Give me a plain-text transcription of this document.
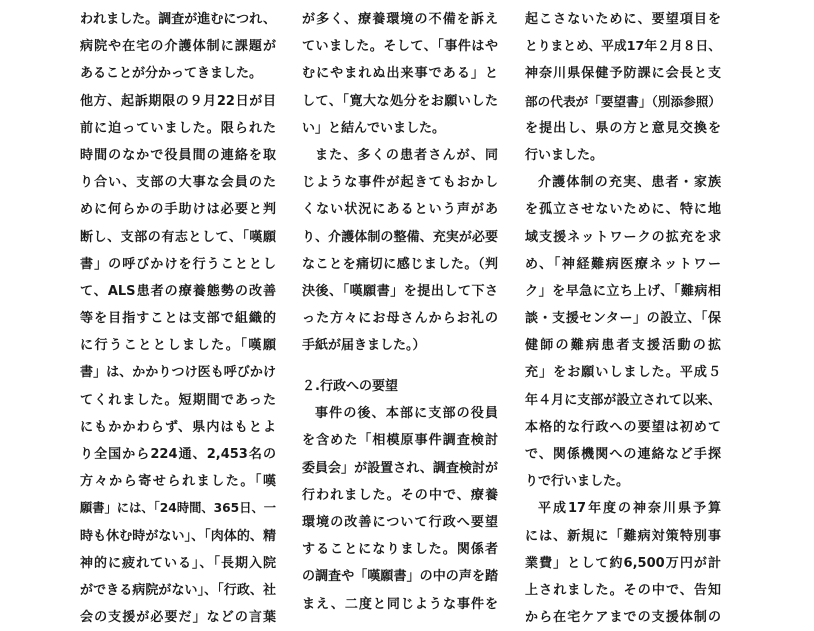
われました。調査が進むにつれ、
病院や在宅の介護体制に課題が
あることが分かってきました。
他方、起訴期限の９月22日が目
前に迫っていました。限られた
時間のなかで役員間の連絡を取
り合い、支部の大事な会員のた
めに何らかの手助けは必要と判
断し、支部の有志として、「嘆願
書」の呼びかけを行うこととし
て、ALS患者の療養態勢の改善
等を目指すことは支部で組織的
に行うこととしました。「嘆願
書」は、かかりつけ医も呼びかけ
てくれました。短期間であった
にもかかわらず、県内はもとよ
り全国から224通、2,453名の
方々から寄せられました。「嘆
願書」には、「24時間、365日、一
時も休む時がない」、「肉体的、精
神的に疲れている」、「長期入院
ができる病院がない」、「行政、社
会の支援が必要だ」などの言葉
が多く、療養環境の不備を訴え
ていました。そして、「事件はや
むにやまれぬ出来事である」と
して、「寛大な処分をお願いした
い」と結んでいました。
また、多くの患者さんが、同
じような事件が起きてもおかし
くない状況にあるという声があ
り、介護体制の整備、充実が必要
なことを痛切に感じました。（判
決後、「嘆願書」を提出して下さ
った方々にお母さんからお礼の
手紙が届きました。）
２.行政への要望
事件の後、本部に支部の役員
を含めた「相模原事件調査検討
委員会」が設置され、調査検討が
行われました。その中で、療養
環境の改善について行政へ要望
することになりました。関係者
の調査や「嘆願書」の中の声を踏
まえ、二度と同じような事件を
起こさないために、要望項目を
とりまとめ、平成17年２月８日、
神奈川県保健予防課に会長と支
部の代表が「要望書」（別添参照）
を提出し、県の方と意見交換を
行いました。
介護体制の充実、患者・家族
を孤立させないために、特に地
域支援ネットワークの拡充を求
め、「神経難病医療ネットワー
ク」を早急に立ち上げ、「難病相
談・支援センター」の設立、「保
健師の難病患者支援活動の拡
充」をお願いしました。平成５
年４月に支部が設立されて以来、
本格的な行政への要望は初めて
で、関係機関への連絡など手探
りで行いました。
平成17年度の神奈川県予算
には、新規に「難病対策特別事
業費」として約6,500万円が計
上されました。その中で、告知
から在宅ケアまでの支援体制の
